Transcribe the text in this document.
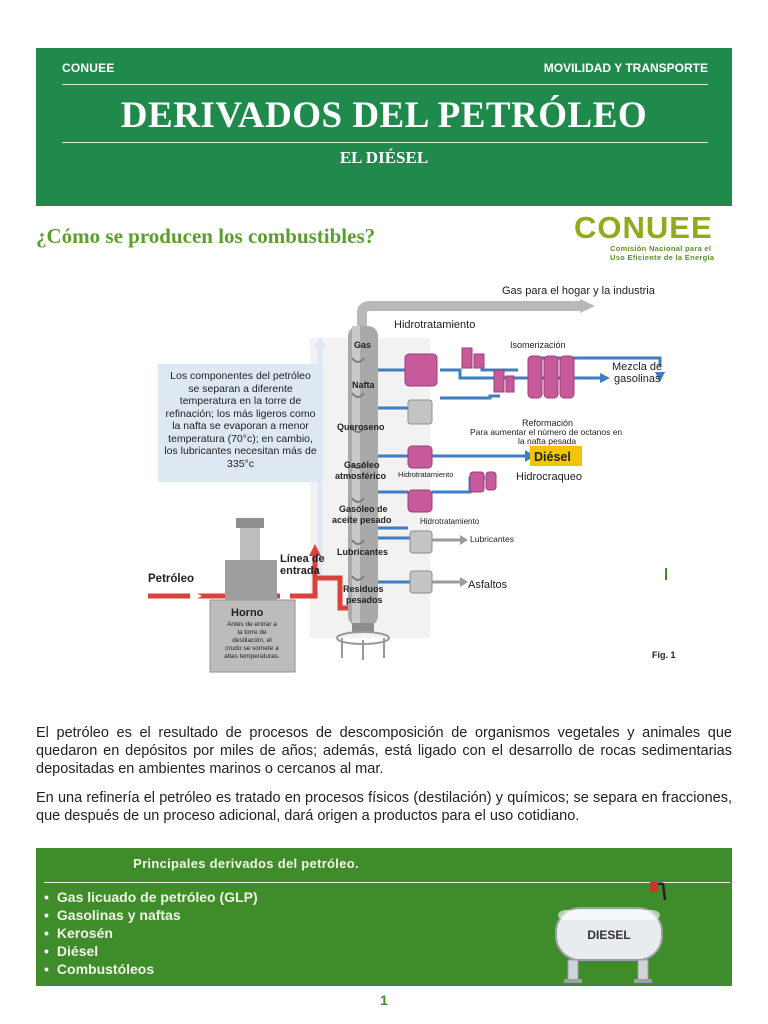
CONUEE	MOVILIDAD Y TRANSPORTE
DERIVADOS DEL PETRÓLEO
EL DIÉSEL
¿Cómo se producen los combustibles?	CONUEE
Comisión Nacional para el
Uso Eficiente de la Energía
Gas para el hogar y la industria
Hidrotratamiento
Isomerización
Mezcla de
gasolinas
Reformación
Para aumentar el número de octanos en
la nafta pesada
Diésel
Hidrotratamiento	Hidrocraqueo
Hidrotratamiento
Lubricantes
Asfaltos
Gas
Nafta
Queroseno
Gasóleo
atmosférico
Gasóleo de
aceite pesado
Lubricantes
Residuos
pesados
Línea de
entrada
Petróleo
Horno
Antes de entrar a
la torre de
destilación, el
crudo se somete a
altas temperaturas.

Los componentes del petróleo se separan a diferente temperatura en la torre de refinación; los más ligeros como la nafta se evaporan a menor temperatura (70°c); en cambio, los lubricantes necesitan más de 335°c

Fig. 1
El petróleo es el resultado de procesos de descomposición de organismos vegetales y animales que quedaron en depósitos por miles de años; además, está ligado con el desarrollo de rocas sedimentarias depositadas en ambientes marinos o cercanos al mar.
En una refinería el petróleo es tratado en procesos físicos (destilación) y químicos; se separa en fracciones, que después de un proceso adicional, dará origen a productos para el uso cotidiano.
Principales derivados del petróleo.
• Gas licuado de petróleo (GLP)
• Gasolinas y naftas
• Kerosén
• Diésel
• Combustóleos
DIESEL
1
